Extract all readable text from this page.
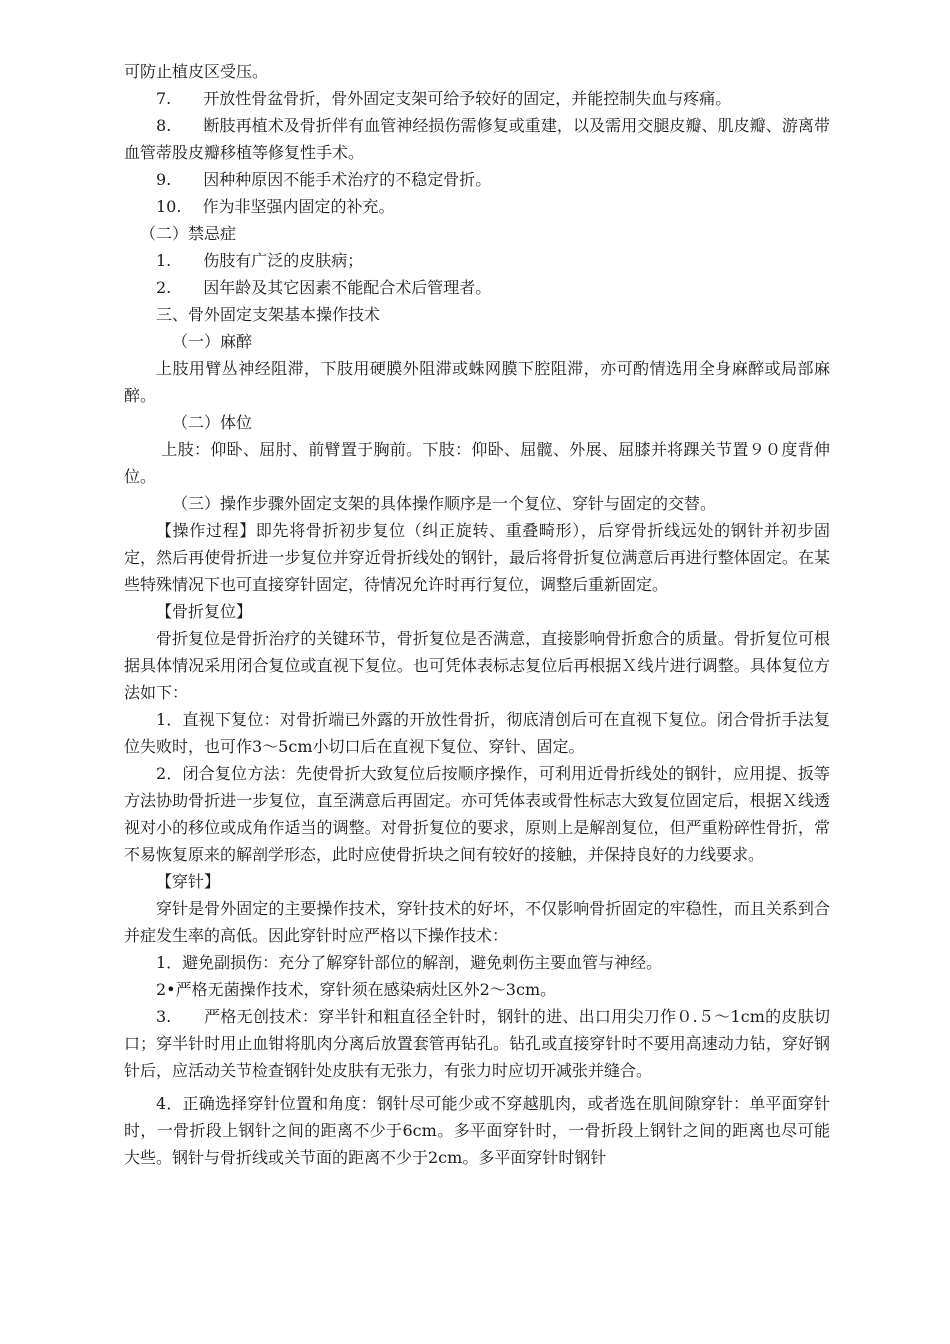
可防止植皮区受压。

7.　　开放性骨盆骨折，骨外固定支架可给予较好的固定，并能控制失血与疼痛。

8.　　断肢再植术及骨折伴有血管神经损伤需修复或重建，以及需用交腿皮瓣、肌皮瓣、游离带血管蒂股皮瓣移植等修复性手术。

9.　　因种种原因不能手术治疗的不稳定骨折。

10.　 作为非坚强内固定的补充。

（二）禁忌症

1.　　伤肢有广泛的皮肤病；

2.　　因年龄及其它因素不能配合术后管理者。

三、骨外固定支架基本操作技术

（一）麻醉

上肢用臂丛神经阻滞，下肢用硬膜外阻滞或蛛网膜下腔阻滞，亦可酌情选用全身麻醉或局部麻醉。

（二）体位

上肢：仰卧、屈肘、前臂置于胸前。下肢：仰卧、屈髋、外展、屈膝并将踝关节置９０度背伸位。

（三）操作步骤外固定支架的具体操作顺序是一个复位、穿针与固定的交替。

【操作过程】即先将骨折初步复位（纠正旋转、重叠畸形），后穿骨折线远处的钢针并初步固定，然后再使骨折进一步复位并穿近骨折线处的钢针，最后将骨折复位满意后再进行整体固定。在某些特殊情况下也可直接穿针固定，待情况允许时再行复位，调整后重新固定。

【骨折复位】

骨折复位是骨折治疗的关键环节，骨折复位是否满意，直接影响骨折愈合的质量。骨折复位可根据具体情况采用闭合复位或直视下复位。也可凭体表标志复位后再根据Ｘ线片进行调整。具体复位方法如下：

1．直视下复位：对骨折端已外露的开放性骨折，彻底清创后可在直视下复位。闭合骨折手法复位失败时，也可作3～5cm小切口后在直视下复位、穿针、固定。

2．闭合复位方法：先使骨折大致复位后按顺序操作，可利用近骨折线处的钢针，应用提、扳等方法协助骨折进一步复位，直至满意后再固定。亦可凭体表或骨性标志大致复位固定后，根据Ｘ线透视对小的移位或成角作适当的调整。对骨折复位的要求，原则上是解剖复位，但严重粉碎性骨折，常不易恢复原来的解剖学形态，此时应使骨折块之间有较好的接触，并保持良好的力线要求。

【穿针】

穿针是骨外固定的主要操作技术，穿针技术的好坏，不仅影响骨折固定的牢稳性，而且关系到合并症发生率的高低。因此穿针时应严格以下操作技术：

1．避免副损伤：充分了解穿针部位的解剖，避免刺伤主要血管与神经。

2•严格无菌操作技术，穿针须在感染病灶区外2～3cm。

3.　　严格无创技术：穿半针和粗直径全针时，钢针的进、出口用尖刀作０.５～1cm的皮肤切口；穿半针时用止血钳将肌肉分离后放置套管再钻孔。钻孔或直接穿针时不要用高速动力钻，穿好钢针后，应活动关节检查钢针处皮肤有无张力，有张力时应切开减张并缝合。

4．正确选择穿针位置和角度：钢针尽可能少或不穿越肌肉，或者选在肌间隙穿针：单平面穿针时，一骨折段上钢针之间的距离不少于6cm。多平面穿针时，一骨折段上钢针之间的距离也尽可能大些。钢针与骨折线或关节面的距离不少于2cm。多平面穿针时钢针
